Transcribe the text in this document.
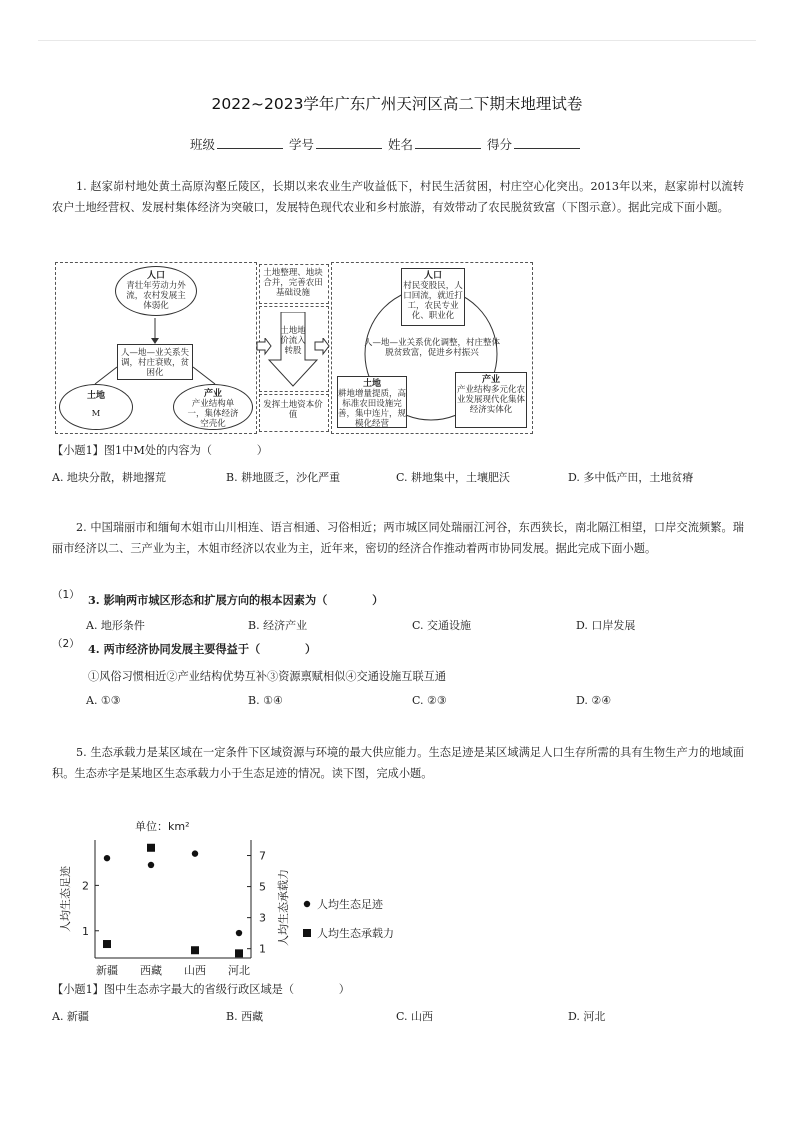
2022~2023学年广东广州天河区高二下期末地理试卷
班级	学号	姓名	得分
1. 赵家峁村地处黄土高原沟壑丘陵区，长期以来农业生产收益低下，村民生活贫困，村庄空心化突出。2013年以来，赵家峁村以流转农户土地经营权、发展村集体经济为突破口，发展特色现代农业和乡村旅游，有效带动了农民脱贫致富（下图示意）。据此完成下面小题。
人口
青壮年劳动力外流，农村发展主体弱化
人—地—业关系失调，村庄衰败，贫困化
土地
M
产业
产业结构单一，集体经济空壳化
土地整理、地块合并，完善农田基础设施
土地地价流入转股
发挥土地资本价值
人口
村民变股民，人口回流，就近打工，农民专业化、职业化
人—地—业关系优化调整，村庄整体脱贫致富，促进乡村振兴
土地
耕地增量提质，高标准农田设施完善，集中连片，规模化经营
产业
产业结构多元化农业发展现代化集体经济实体化
【小题1】图1中M处的内容为（　　　　）
A. 地块分散，耕地撂荒	B. 耕地匮乏，沙化严重	C. 耕地集中，土壤肥沃	D. 多中低产田，土地贫瘠
2. 中国瑞丽市和缅甸木姐市山川相连、语言相通、习俗相近；两市城区同处瑞丽江河谷，东西狭长，南北隔江相望，口岸交流频繁。瑞丽市经济以二、三产业为主，木姐市经济以农业为主，近年来，密切的经济合作推动着两市协同发展。据此完成下面小题。
（1） 3. 影响两市城区形态和扩展方向的根本因素为（　　　　）
A. 地形条件	B. 经济产业	C. 交通设施	D. 口岸发展
（2） 4. 两市经济协同发展主要得益于（　　　　）
①风俗习惯相近②产业结构优势互补③资源禀赋相似④交通设施互联互通
A. ①③	B. ①④	C. ②③	D. ②④
5. 生态承载力是某区域在一定条件下区域资源与环境的最大供应能力。生态足迹是某区域满足人口生存所需的具有生物生产力的地域面积。生态赤字是某地区生态承载力小于生态足迹的情况。读下图，完成小题。
单位：km²
人均生态足迹	人均生态承载力
1
2
1
3
5
7
新疆 西藏 山西 河北
人均生态足迹
人均生态承载力
【小题1】图中生态赤字最大的省级行政区域是（　　　　）
A. 新疆	B. 西藏	C. 山西	D. 河北
